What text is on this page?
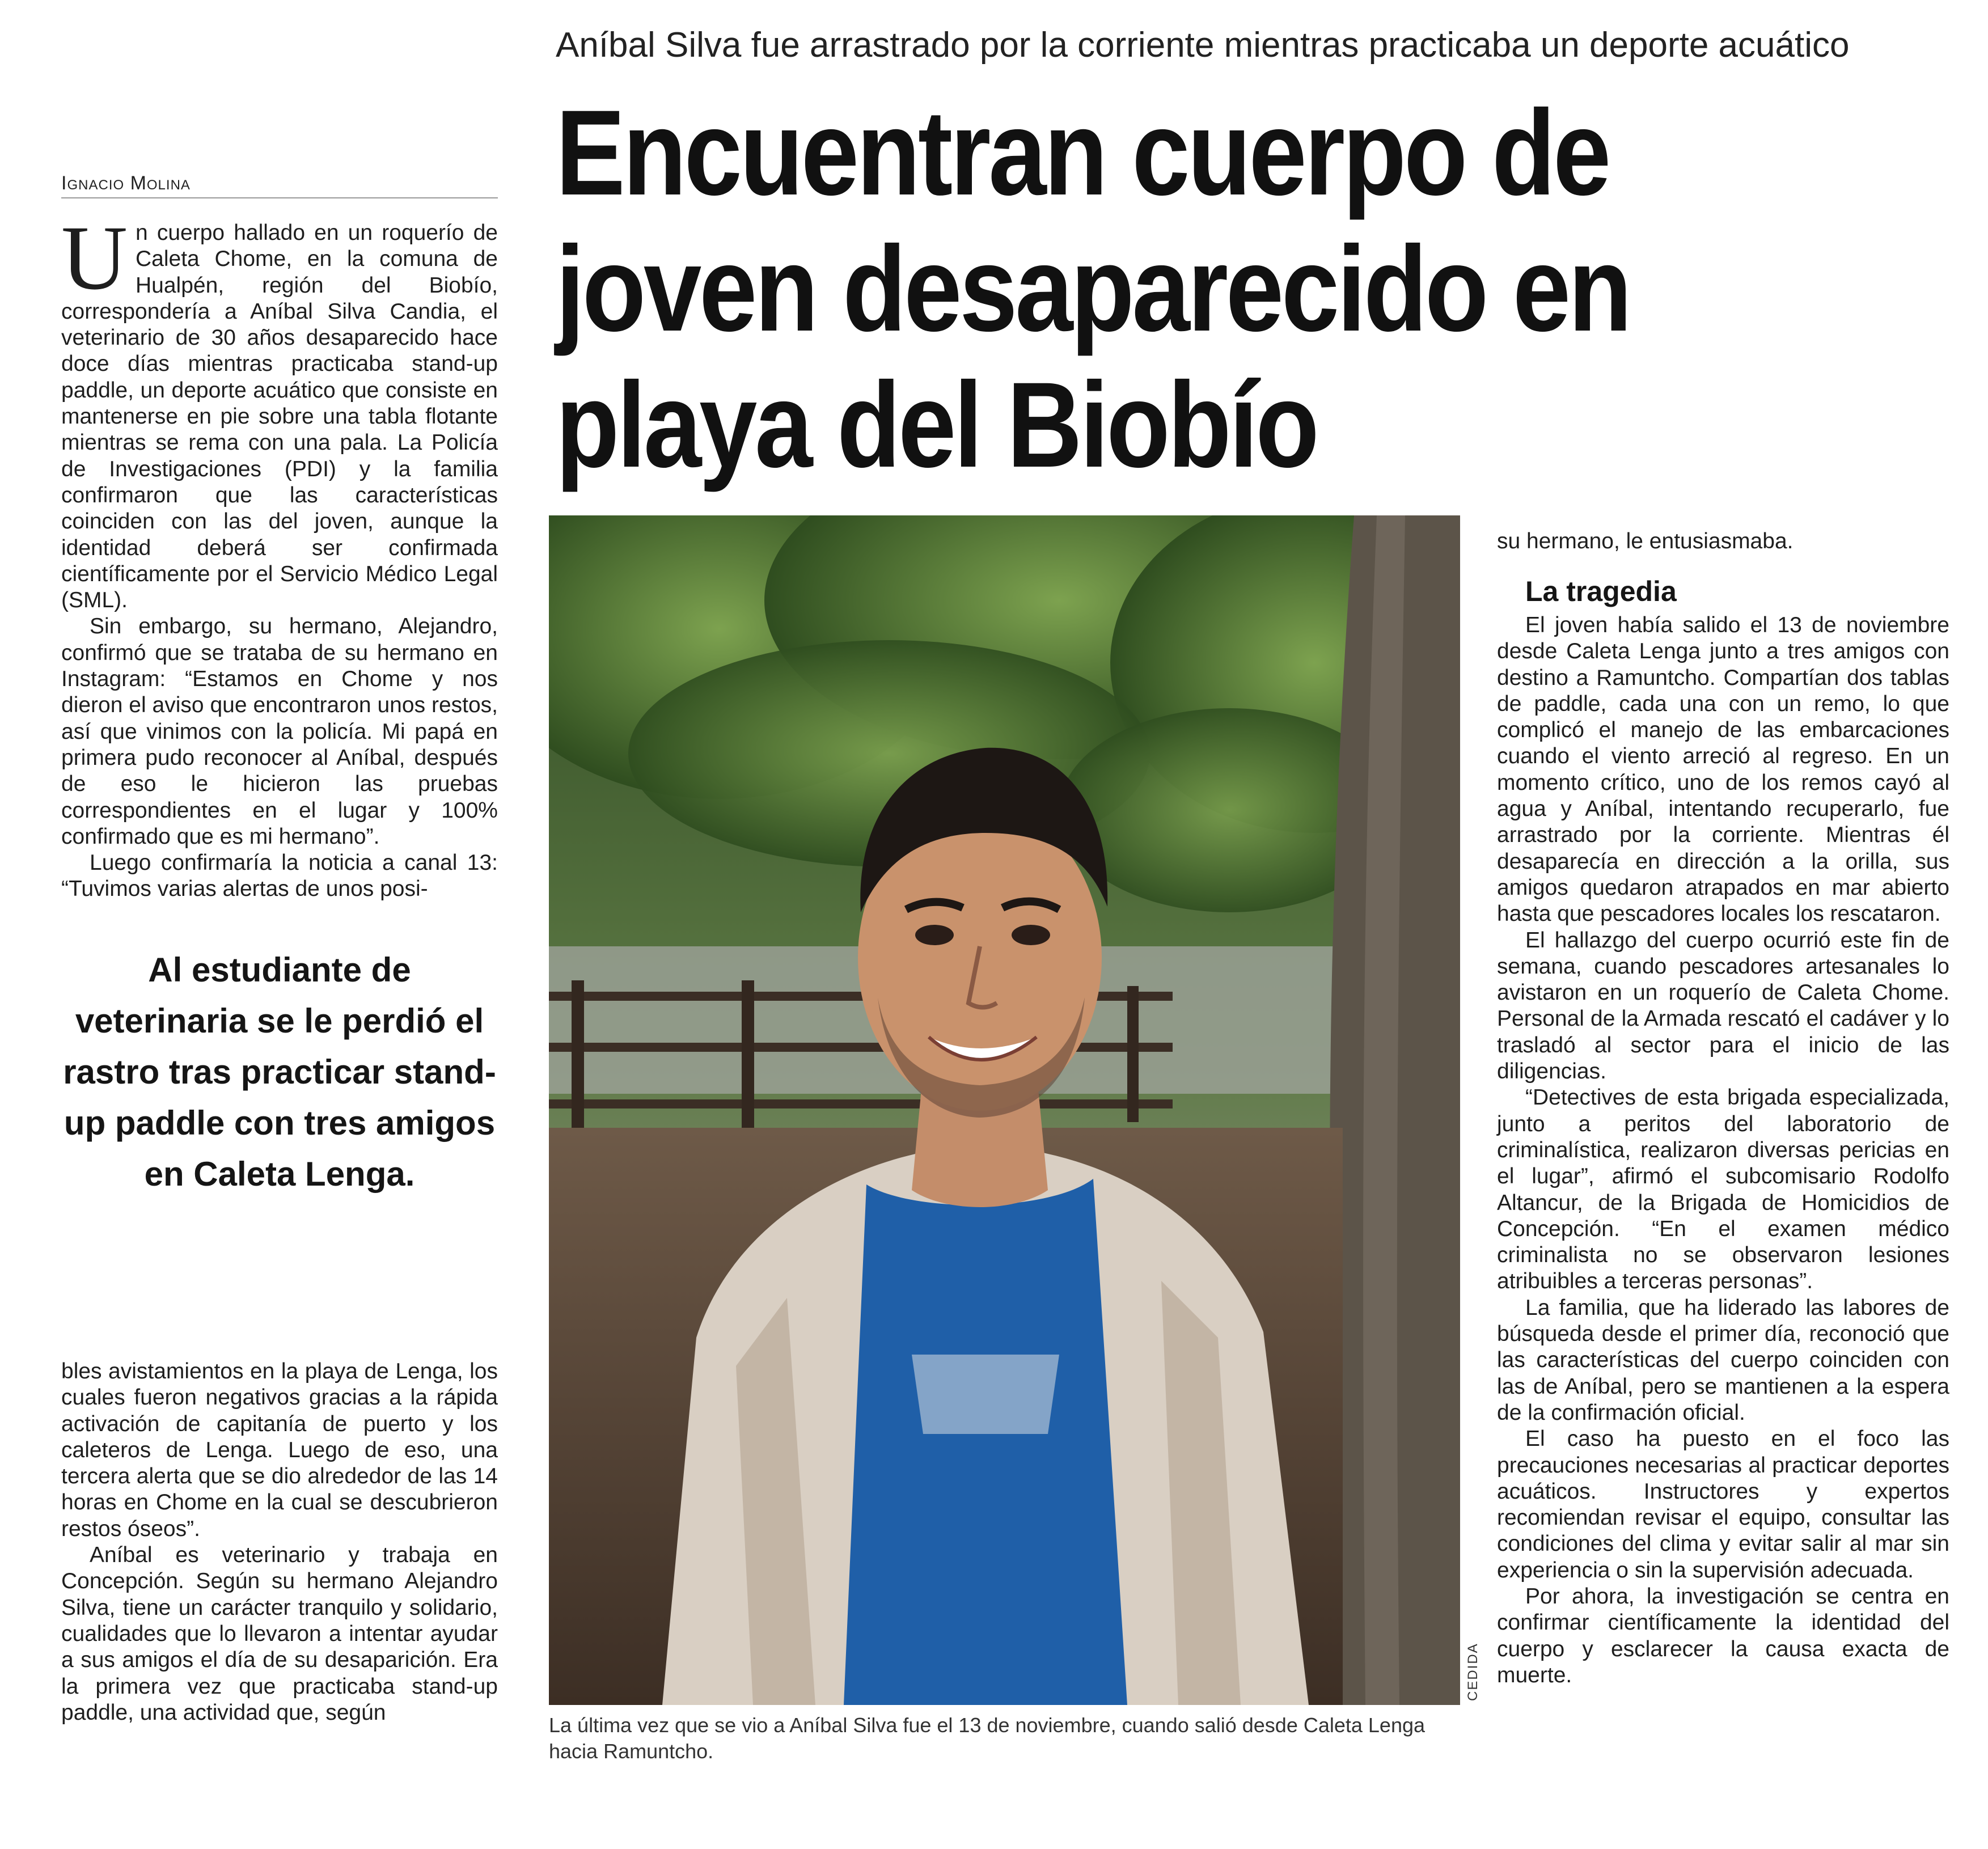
Aníbal Silva fue arrastrado por la corriente mientras practicaba un deporte acuático
Encuentran cuerpo de
joven desaparecido en
playa del Biobío
Ignacio Molina

Un cuerpo hallado en un roquerío de Caleta Chome, en la comuna de Hualpén, región del Biobío, correspondería a Aníbal Silva Candia, el veterinario de 30 años desaparecido hace doce días mientras practicaba stand-up paddle, un deporte acuático que consiste en mantenerse en pie sobre una tabla flotante mientras se rema con una pala. La Policía de Investigaciones (PDI) y la familia confirmaron que las características coinciden con las del joven, aunque la identidad deberá ser confirmada científicamente por el Servicio Médico Legal (SML).

Sin embargo, su hermano, Alejandro, confirmó que se trataba de su hermano en Instagram: “Estamos en Chome y nos dieron el aviso que encontraron unos restos, así que vinimos con la policía. Mi papá en primera pudo reconocer al Aníbal, después de eso le hicieron las pruebas correspondientes en el lugar y 100% confirmado que es mi hermano”.

Luego confirmaría la noticia a canal 13: “Tuvimos varias alertas de unos posi-

Al estudiante de veterinaria se le perdió el rastro tras practicar stand-up paddle con tres amigos en Caleta Lenga.

bles avistamientos en la playa de Lenga, los cuales fueron negativos gracias a la rápida activación de capitanía de puerto y los caleteros de Lenga. Luego de eso, una tercera alerta que se dio alrededor de las 14 horas en Chome en la cual se descubrieron restos óseos”.

Aníbal es veterinario y trabaja en Concepción. Según su hermano Alejandro Silva, tiene un carácter tranquilo y solidario, cualidades que lo llevaron a intentar ayudar a sus amigos el día de su desaparición. Era la primera vez que practicaba stand-up paddle, una actividad que, según

CEDIDA
La última vez que se vio a Aníbal Silva fue el 13 de noviembre, cuando salió desde Caleta Lenga hacia Ramuntcho.

su hermano, le entusiasmaba.

La tragedia

El joven había salido el 13 de noviembre desde Caleta Lenga junto a tres amigos con destino a Ramuntcho. Compartían dos tablas de paddle, cada una con un remo, lo que complicó el manejo de las embarcaciones cuando el viento arreció al regreso. En un momento crítico, uno de los remos cayó al agua y Aníbal, intentando recuperarlo, fue arrastrado por la corriente. Mientras él desaparecía en dirección a la orilla, sus amigos quedaron atrapados en mar abierto hasta que pescadores locales los rescataron.

El hallazgo del cuerpo ocurrió este fin de semana, cuando pescadores artesanales lo avistaron en un roquerío de Caleta Chome. Personal de la Armada rescató el cadáver y lo trasladó al sector para el inicio de las diligencias.

“Detectives de esta brigada especializada, junto a peritos del laboratorio de criminalística, realizaron diversas pericias en el lugar”, afirmó el subcomisario Rodolfo Altancur, de la Brigada de Homicidios de Concepción. “En el examen médico criminalista no se observaron lesiones atribuibles a terceras personas”.

La familia, que ha liderado las labores de búsqueda desde el primer día, reconoció que las características del cuerpo coinciden con las de Aníbal, pero se mantienen a la espera de la confirmación oficial.

El caso ha puesto en el foco las precauciones necesarias al practicar deportes acuáticos. Instructores y expertos recomiendan revisar el equipo, consultar las condiciones del clima y evitar salir al mar sin experiencia o sin la supervisión adecuada.

Por ahora, la investigación se centra en confirmar científicamente la identidad del cuerpo y esclarecer la causa exacta de muerte.
